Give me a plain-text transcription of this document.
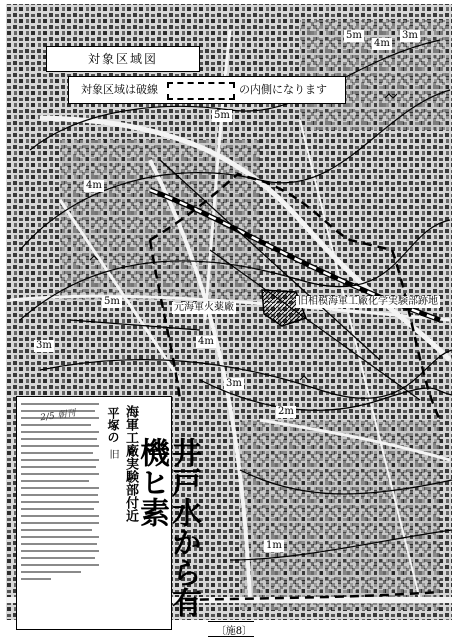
対象区域図
対象区域は破線	の内側になります
5m
4m
3m
5m
4m
5m
3m	4m
3m
2m
1m
元海軍火薬廠
旧相模海軍工廠化学実験部跡地
平塚の
旧 海軍工廠実験部付近 井戸水から有機ヒ素
2/5 朝刊
〔施8〕
